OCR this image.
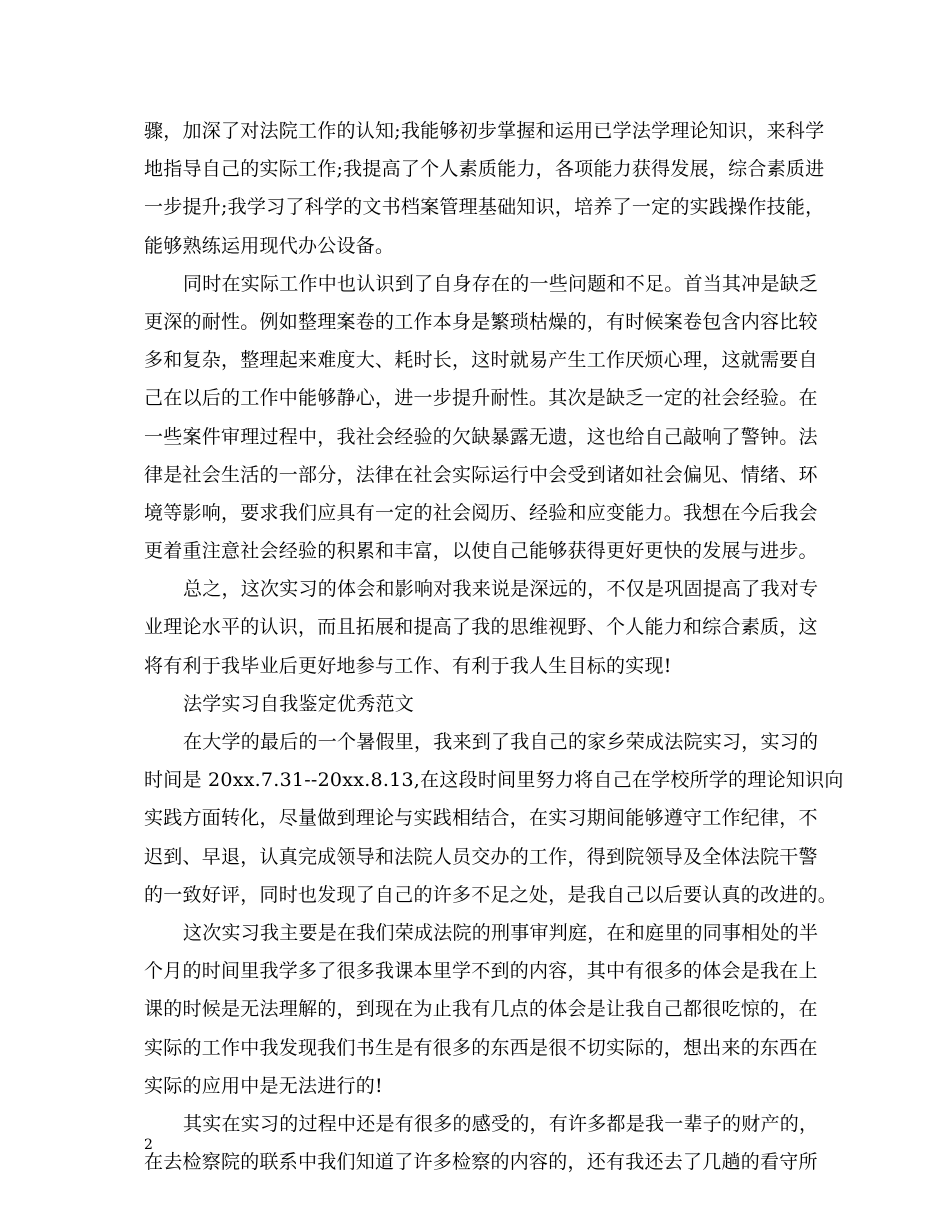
骤，加深了对法院工作的认知;我能够初步掌握和运用已学法学理论知识，来科学
地指导自己的实际工作;我提高了个人素质能力，各项能力获得发展，综合素质进
一步提升;我学习了科学的文书档案管理基础知识，培养了一定的实践操作技能，
能够熟练运用现代办公设备。
同时在实际工作中也认识到了自身存在的一些问题和不足。首当其冲是缺乏
更深的耐性。例如整理案卷的工作本身是繁琐枯燥的，有时候案卷包含内容比较
多和复杂，整理起来难度大、耗时长，这时就易产生工作厌烦心理，这就需要自
己在以后的工作中能够静心，进一步提升耐性。其次是缺乏一定的社会经验。在
一些案件审理过程中，我社会经验的欠缺暴露无遗，这也给自己敲响了警钟。法
律是社会生活的一部分，法律在社会实际运行中会受到诸如社会偏见、情绪、环
境等影响，要求我们应具有一定的社会阅历、经验和应变能力。我想在今后我会
更着重注意社会经验的积累和丰富，以使自己能够获得更好更快的发展与进步。
总之，这次实习的体会和影响对我来说是深远的，不仅是巩固提高了我对专
业理论水平的认识，而且拓展和提高了我的思维视野、个人能力和综合素质，这
将有利于我毕业后更好地参与工作、有利于我人生目标的实现!
法学实习自我鉴定优秀范文
在大学的最后的一个暑假里，我来到了我自己的家乡荣成法院实习，实习的
时间是 20xx.7.31--20xx.8.13,在这段时间里努力将自己在学校所学的理论知识向
实践方面转化，尽量做到理论与实践相结合，在实习期间能够遵守工作纪律，不
迟到、早退，认真完成领导和法院人员交办的工作，得到院领导及全体法院干警
的一致好评，同时也发现了自己的许多不足之处，是我自己以后要认真的改进的。
这次实习我主要是在我们荣成法院的刑事审判庭，在和庭里的同事相处的半
个月的时间里我学多了很多我课本里学不到的内容，其中有很多的体会是我在上
课的时候是无法理解的，到现在为止我有几点的体会是让我自己都很吃惊的，在
实际的工作中我发现我们书生是有很多的东西是很不切实际的，想出来的东西在
实际的应用中是无法进行的!
其实在实习的过程中还是有很多的感受的，有许多都是我一辈子的财产的，
在去检察院的联系中我们知道了许多检察的内容的，还有我还去了几趟的看守所
2
